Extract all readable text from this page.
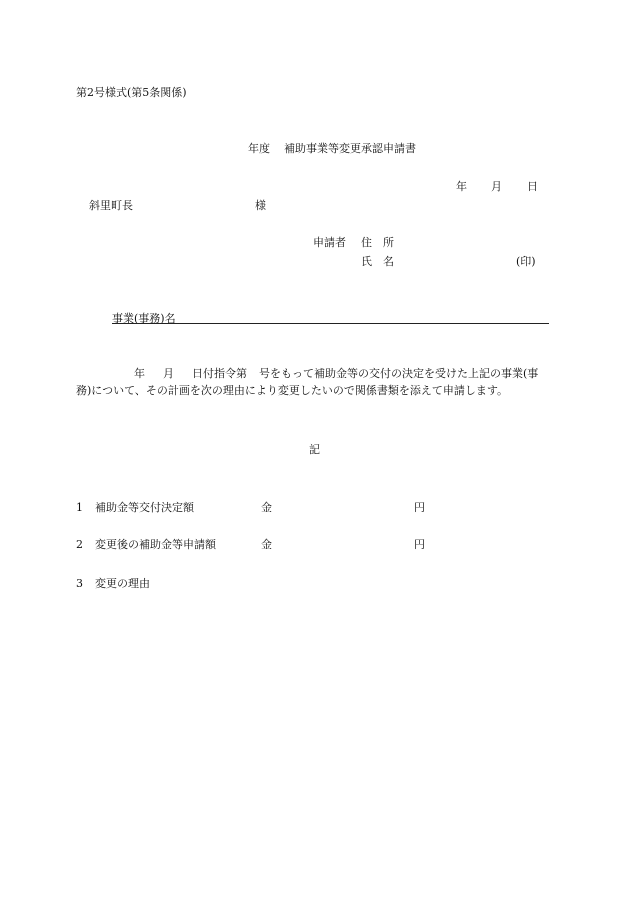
第2号様式(第5条関係)
年度 補助事業等変更承認申請書
年 月 日
斜里町長	様
申請者 住　所
氏　名	(印)
事業(事務)名
年 月 日付指令第 号をもって補助金等の交付の決定を受けた上記の事業(事務)について、その計画を次の理由により変更したいので関係書類を添えて申請します。
記
1 補助金等交付決定額	金	円
2 変更後の補助金等申請額	金	円
3 変更の理由
